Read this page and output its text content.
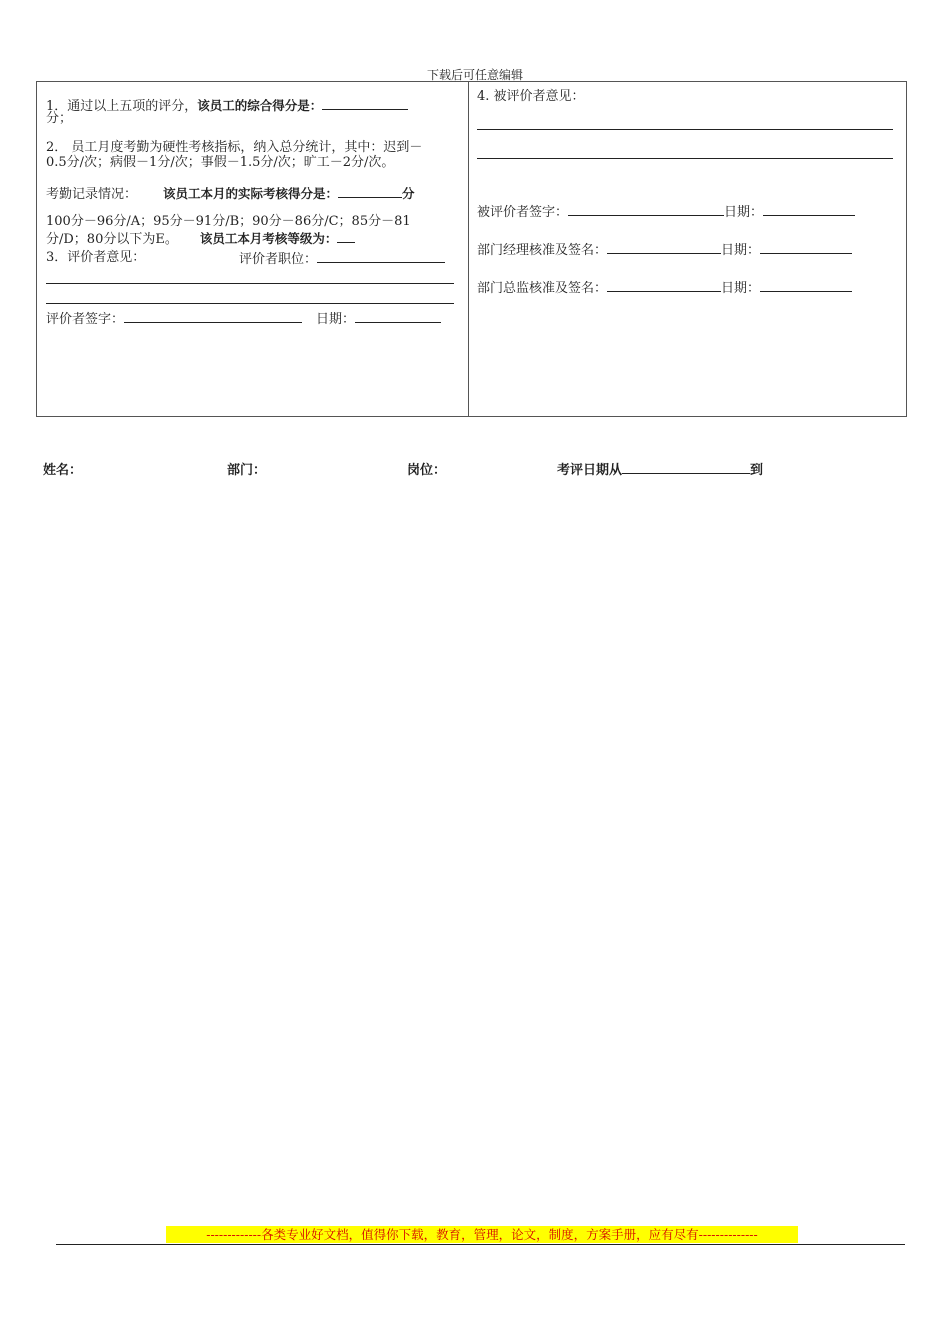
下载后可任意编辑
1．通过以上五项的评分，该员工的综合得分是：
分；
2． 员工月度考勤为硬性考核指标，纳入总分统计，其中：迟到－
0.5分/次；病假－1分/次；事假－1.5分/次；旷工－2分/次。
考勤记录情况： 该员工本月的实际考核得分是：	分
100分－96分/A；95分－91分/B；90分－86分/C；85分－81
分/D；80分以下为E。 该员工本月考核等级为：
3．评价者意见：	评价者职位：
评价者签字：	日期：
4. 被评价者意见：
被评价者签字：	日期：
部门经理核准及签名：	日期：
部门总监核准及签名：	日期：
姓名：	部门：	岗位：	考评日期从	到
-------------各类专业好文档，值得你下载，教育，管理，论文，制度，方案手册，应有尽有--------------
